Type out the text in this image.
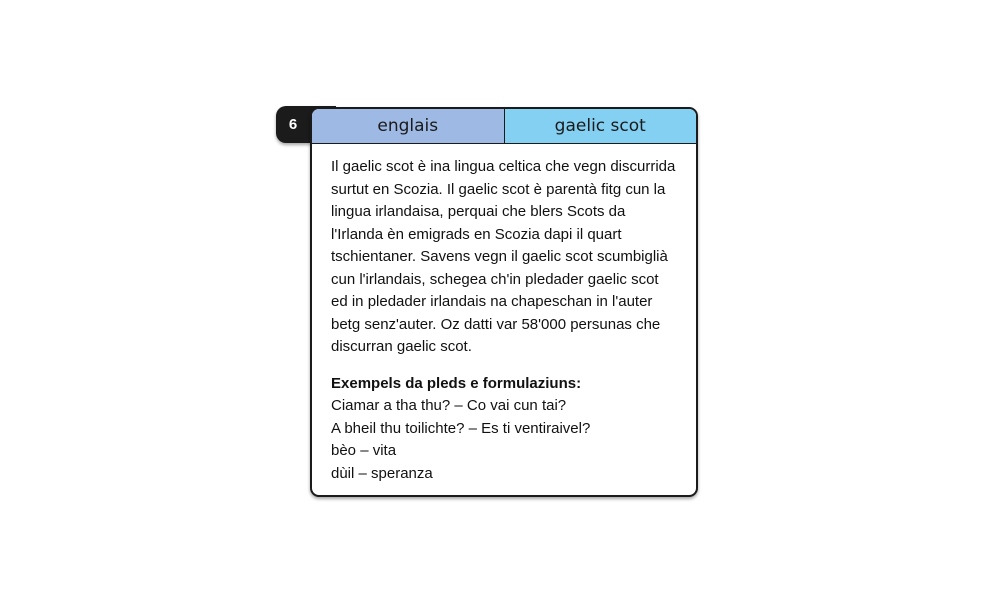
6	englais	gaelic scot

Il gaelic scot è ina lingua celtica che vegn discurrida surtut en Scozia. Il gaelic scot è parentà fitg cun la lingua irlandaisa, perquai che blers Scots da l'Irlanda èn emigrads en Scozia dapi il quart tschientaner. Savens vegn il gaelic scot scumbiglià cun l'irlandais, schegea ch'in pledader gaelic scot ed in pledader irlandais na chapeschan in l'auter betg senz'auter. Oz datti var 58'000 persunas che discurran gaelic scot.

Exempels da pleds e formulaziuns:
Ciamar a tha thu? – Co vai cun tai?
A bheil thu toilichte? – Es ti ventiraivel?
bèo – vita
dùil – speranza
